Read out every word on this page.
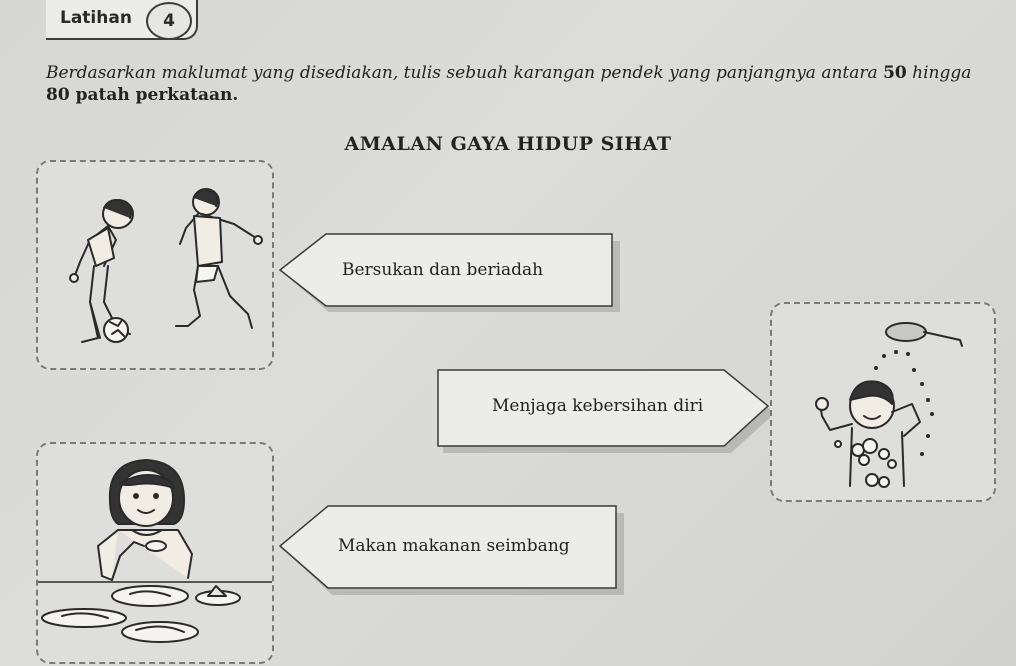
Latihan	4
Berdasarkan maklumat yang disediakan, tulis sebuah karangan pendek yang panjangnya antara 50 hingga
80 patah perkataan.
AMALAN GAYA HIDUP SIHAT
Bersukan dan beriadah
Menjaga kebersihan diri
Makan makanan seimbang
